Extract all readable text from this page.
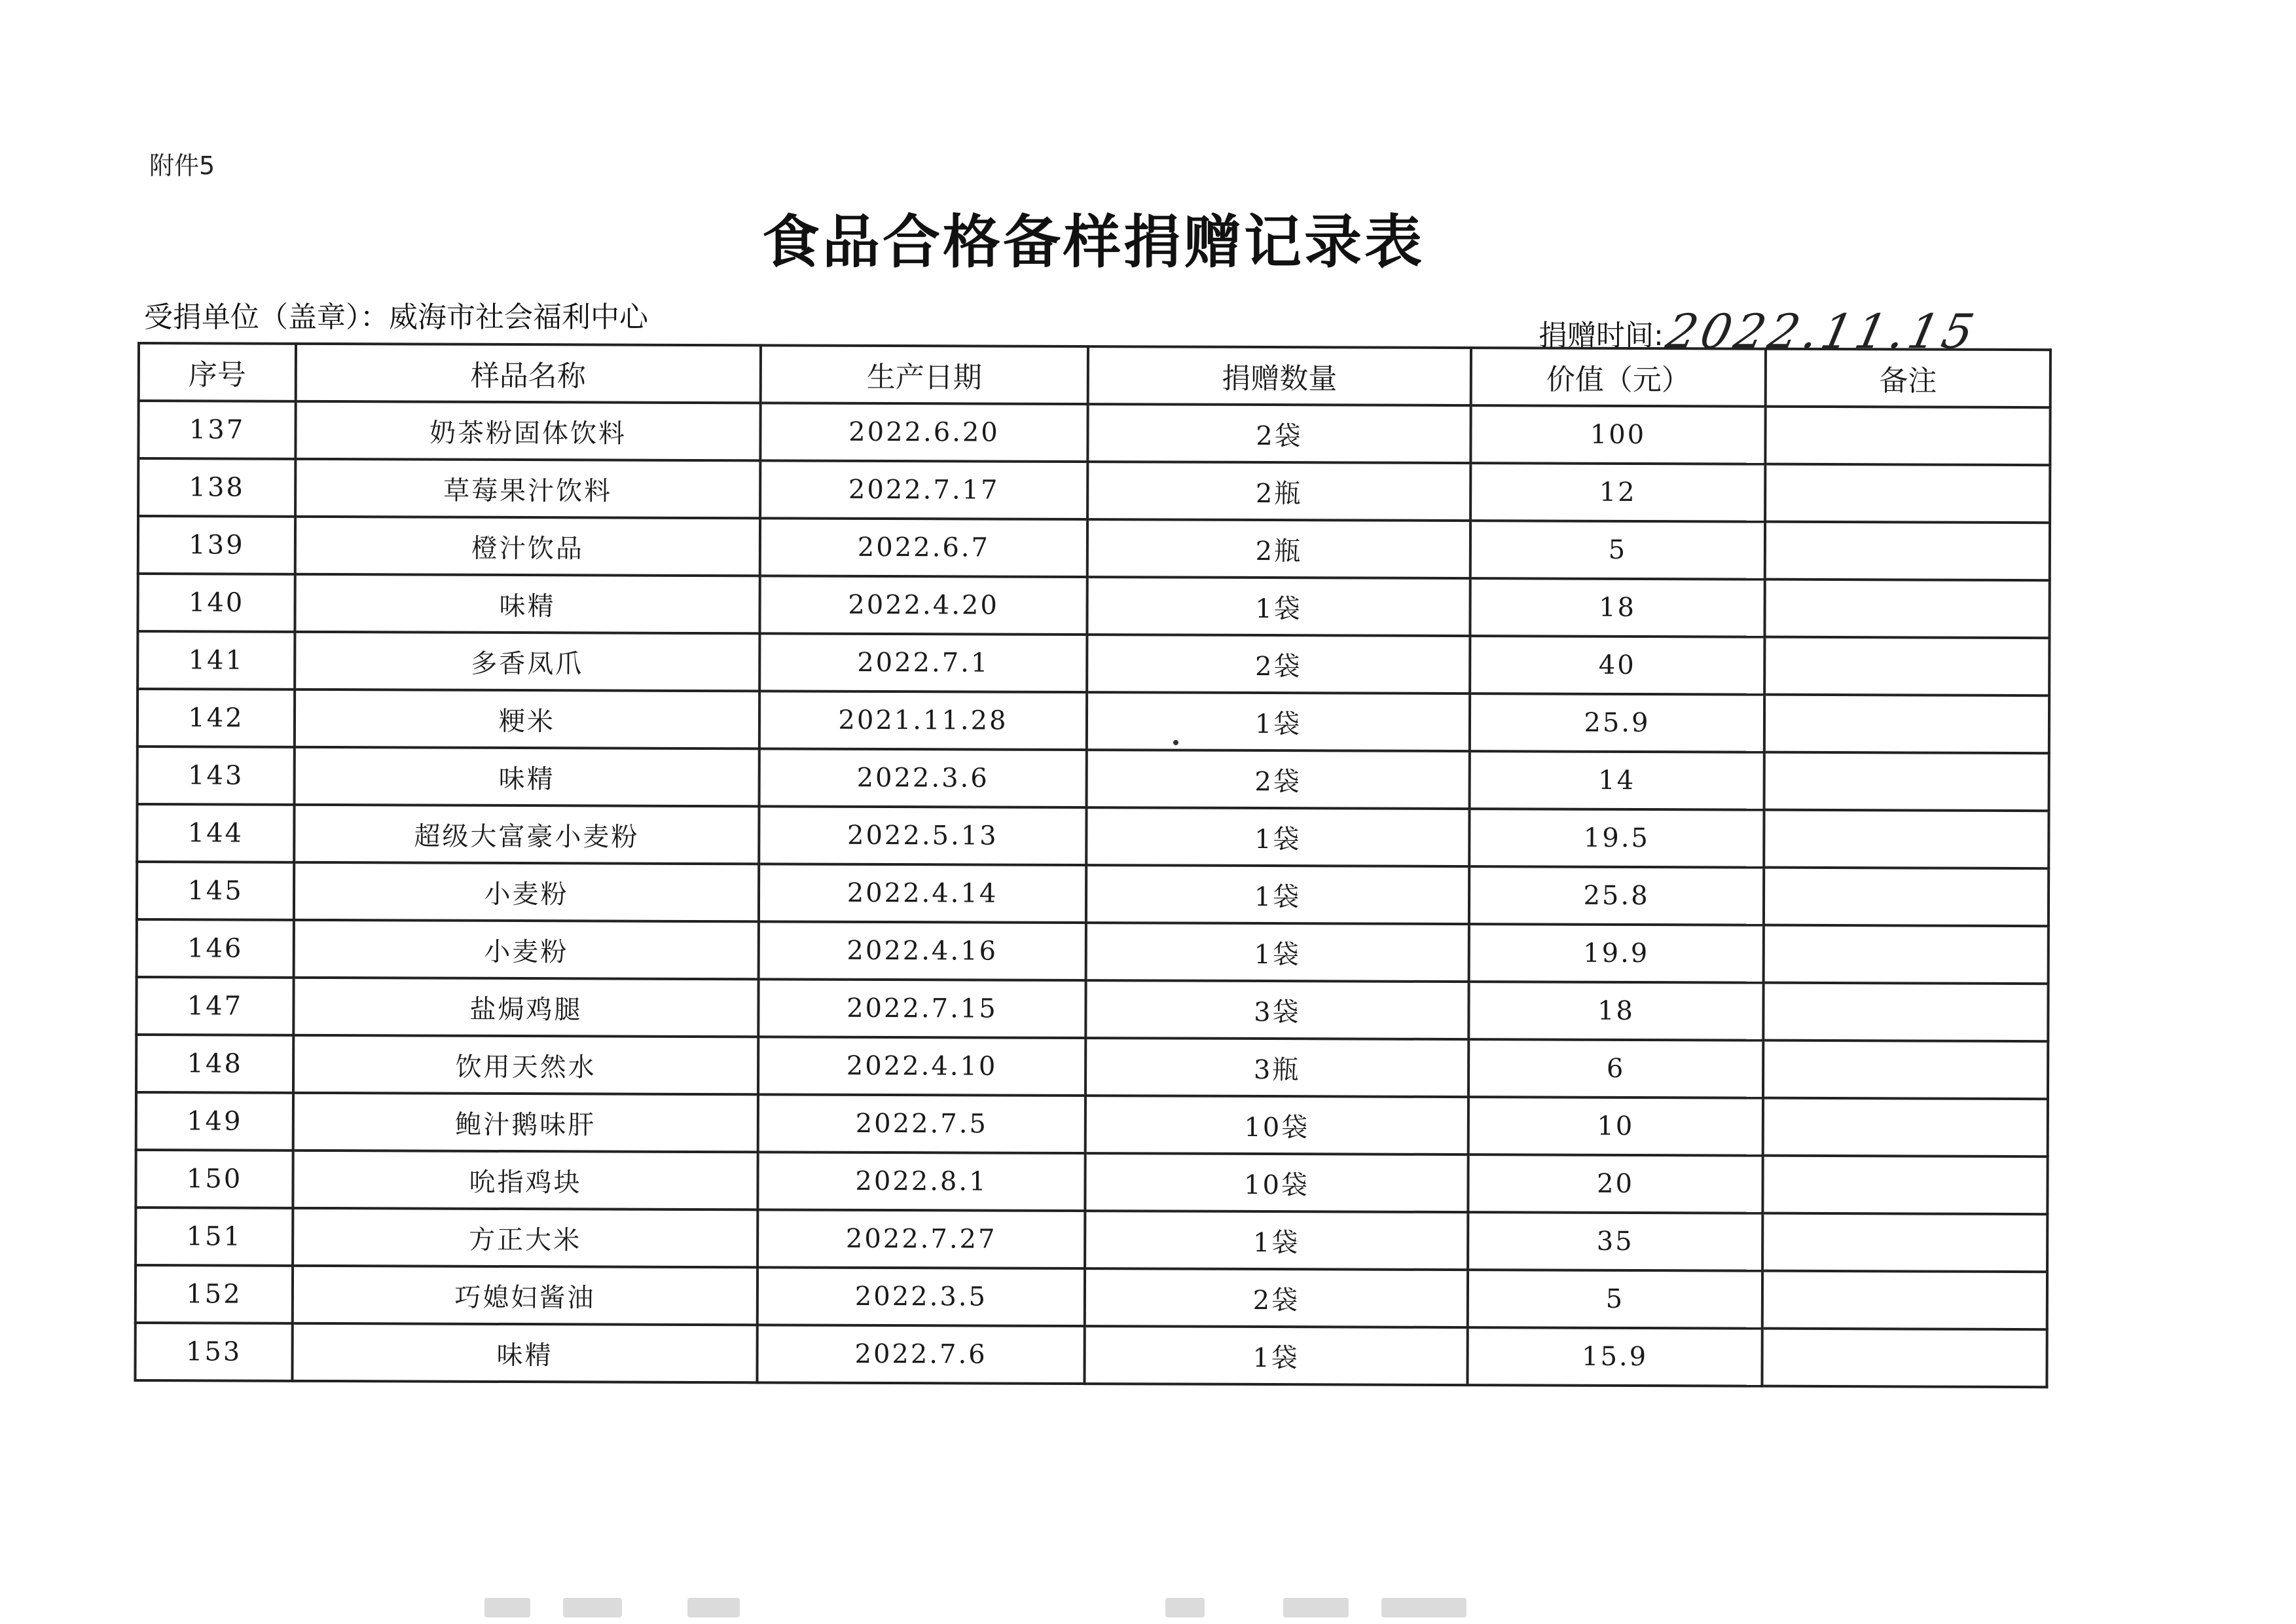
附件5
食品合格备样捐赠记录表
受捐单位（盖章）：威海市社会福利中心
捐赠时间:
2022.11.15
序号	样品名称	生产日期	捐赠数量	价值（元）	备注
137	奶茶粉固体饮料	2022.6.20	2袋	100	
138	草莓果汁饮料	2022.7.17	2瓶	12	
139	橙汁饮品	2022.6.7	2瓶	5	
140	味精	2022.4.20	1袋	18	
141	多香凤爪	2022.7.1	2袋	40	
142	粳米	2021.11.28	1袋	25.9	
143	味精	2022.3.6	2袋	14	
144	超级大富豪小麦粉	2022.5.13	1袋	19.5	
145	小麦粉	2022.4.14	1袋	25.8	
146	小麦粉	2022.4.16	1袋	19.9	
147	盐焗鸡腿	2022.7.15	3袋	18	
148	饮用天然水	2022.4.10	3瓶	6	
149	鲍汁鹅味肝	2022.7.5	10袋	10	
150	吮指鸡块	2022.8.1	10袋	20	
151	方正大米	2022.7.27	1袋	35	
152	巧媳妇酱油	2022.3.5	2袋	5	
153	味精	2022.7.6	1袋	15.9	
